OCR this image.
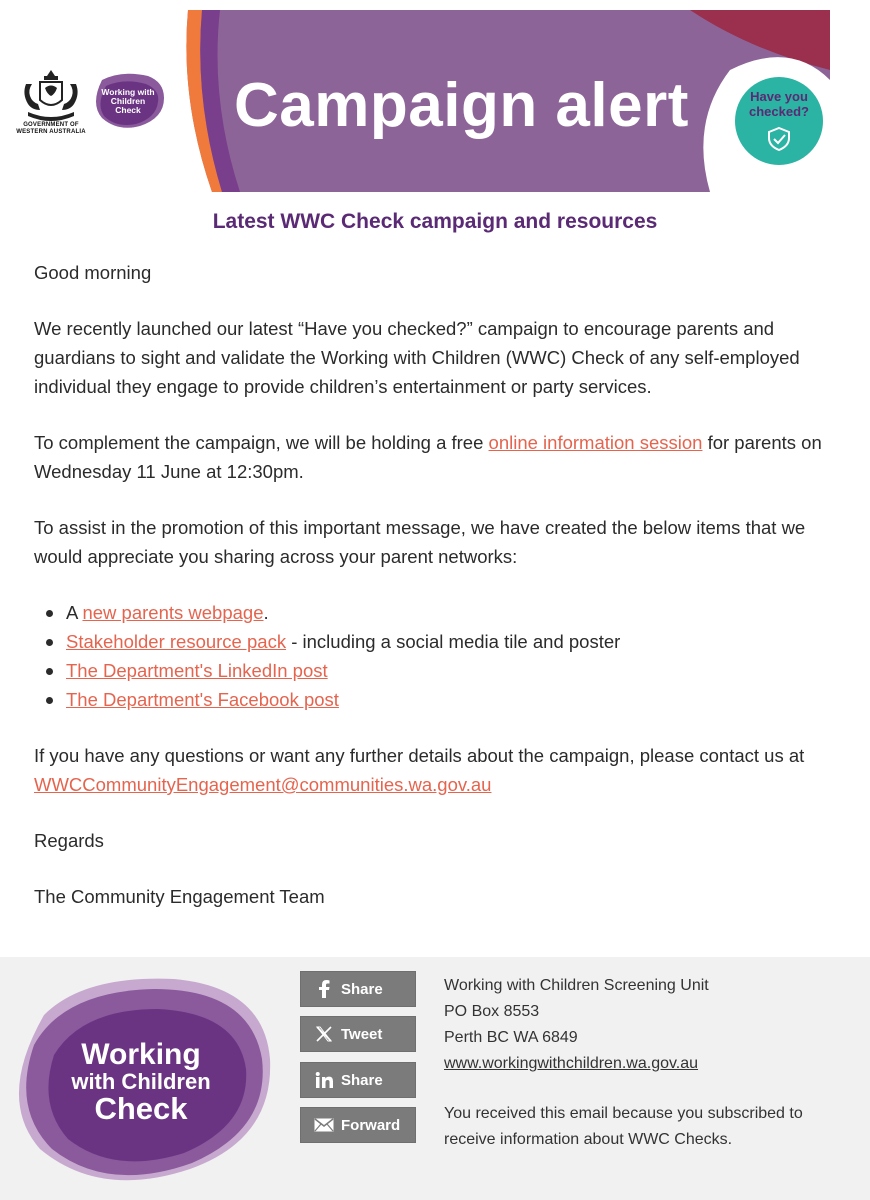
GOVERNMENT OF WESTERN AUSTRALIA
Working with Children Check Campaign alert	Have you checked?
Latest WWC Check campaign and resources

Good morning

We recently launched our latest “Have you checked?” campaign to encourage parents and guardians to sight and validate the Working with Children (WWC) Check of any self-employed individual they engage to provide children’s entertainment or party services.

To complement the campaign, we will be holding a free online information session for parents on Wednesday 11 June at 12:30pm.

To assist in the promotion of this important message, we have created the below items that we would appreciate you sharing across your parent networks:

A new parents webpage.
Stakeholder resource pack - including a social media tile and poster
The Department's LinkedIn post
The Department's Facebook post

If you have any questions or want any further details about the campaign, please contact us at WWCCommunityEngagement@communities.wa.gov.au

Regards

The Community Engagement Team

Working
with Children
Check
Share
Tweet
Share
Forward
Working with Children Screening Unit
PO Box 8553
Perth BC WA 6849
www.workingwithchildren.wa.gov.au
You received this email because you subscribed to receive information about WWC Checks.
